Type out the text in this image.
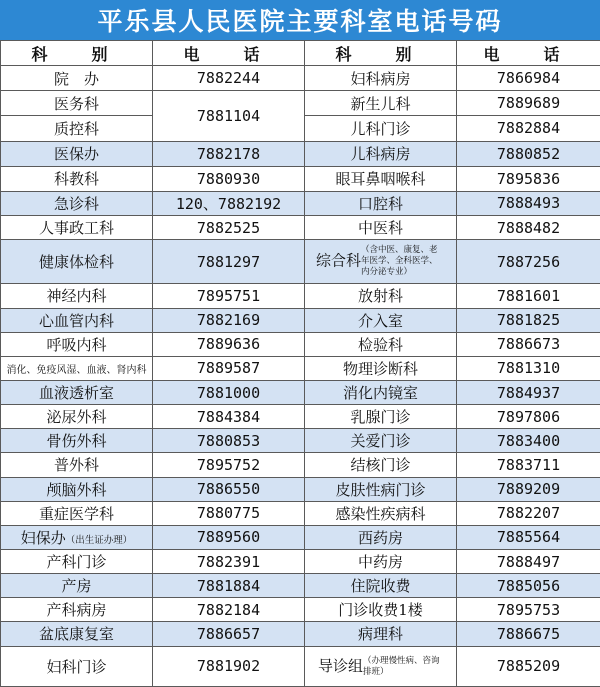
平乐县人民医院主要科室电话号码
科　别	电　话	科　别	电　话
院　办	7882244	妇科病房	7866984
医务科	7881104	新生儿科	7889689
质控科		儿科门诊	7882884
医保办	7882178	儿科病房	7880852
科教科	7880930	眼耳鼻咽喉科	7895836
急诊科	120、7882192	口腔科	7888493
人事政工科	7882525	中医科	7888482
健康体检科	7881297	综合科（含中医、康复、老年医学、全科医学、内分泌专业）	7887256
神经内科	7895751	放射科	7881601
心血管内科	7882169	介入室	7881825
呼吸内科	7889636	检验科	7886673
消化、免疫风湿、血液、肾内科	7889587	物理诊断科	7881310
血液透析室	7881000	消化内镜室	7884937
泌尿外科	7884384	乳腺门诊	7897806
骨伤外科	7880853	关爱门诊	7883400
普外科	7895752	结核门诊	7883711
颅脑外科	7886550	皮肤性病门诊	7889209
重症医学科	7880775	感染性疾病科	7882207
妇保办（出生证办理）	7889560	西药房	7885564
产科门诊	7882391	中药房	7888497
产房	7881884	住院收费	7885056
产科病房	7882184	门诊收费1楼	7895753
盆底康复室	7886657	病理科	7886675
妇科门诊	7881902	导诊组（办理慢性病、咨询排班）	7885209
